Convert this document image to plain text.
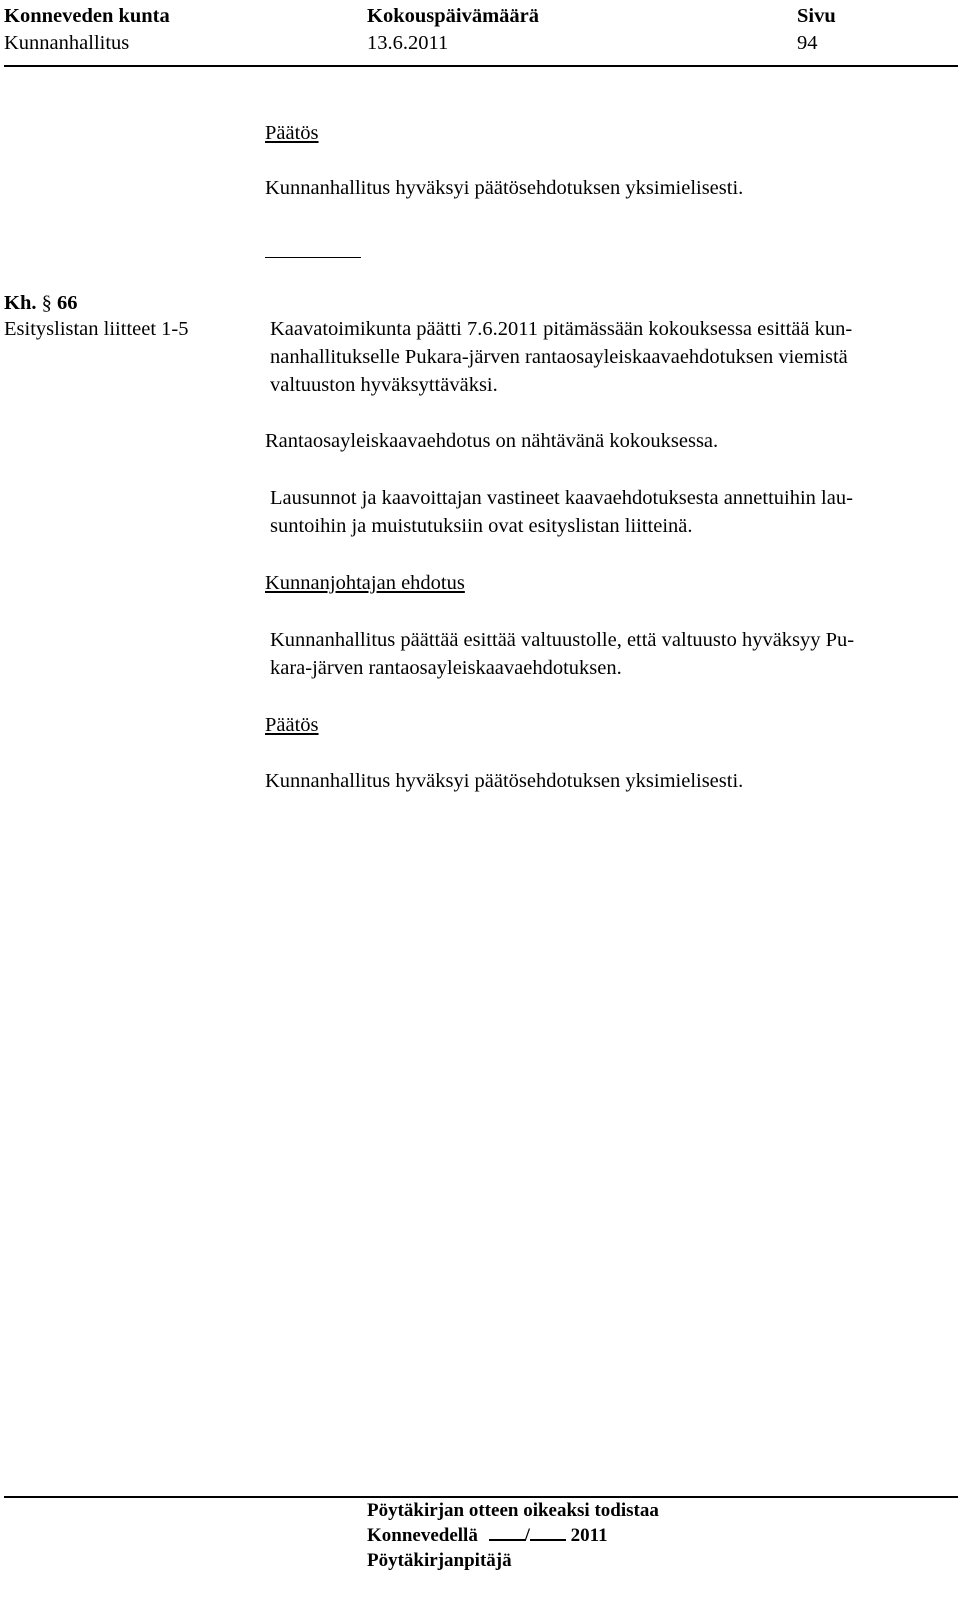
Konneveden kunta
Kunnanhallitus
Kokouspäivämäärä
13.6.2011
Sivu
94
Päätös
Kunnanhallitus hyväksyi päätösehdotuksen yksimielisesti.
Kh. § 66
Esityslistan liitteet 1-5	Kaavatoimikunta päätti 7.6.2011 pitämässään kokouksessa esittää kun-
nanhallitukselle Pukara-järven rantaosayleiskaavaehdotuksen viemistä
valtuuston hyväksyttäväksi.
Rantaosayleiskaavaehdotus on nähtävänä kokouksessa.
Lausunnot ja kaavoittajan vastineet kaavaehdotuksesta annettuihin lau-
suntoihin ja muistutuksiin ovat esityslistan liitteinä.
Kunnanjohtajan ehdotus
Kunnanhallitus päättää esittää valtuustolle, että valtuusto hyväksyy Pu-
kara-järven rantaosayleiskaavaehdotuksen.
Päätös
Kunnanhallitus hyväksyi päätösehdotuksen yksimielisesti.
Pöytäkirjan otteen oikeaksi todistaa
Konnevedellä / 2011
Pöytäkirjanpitäjä
